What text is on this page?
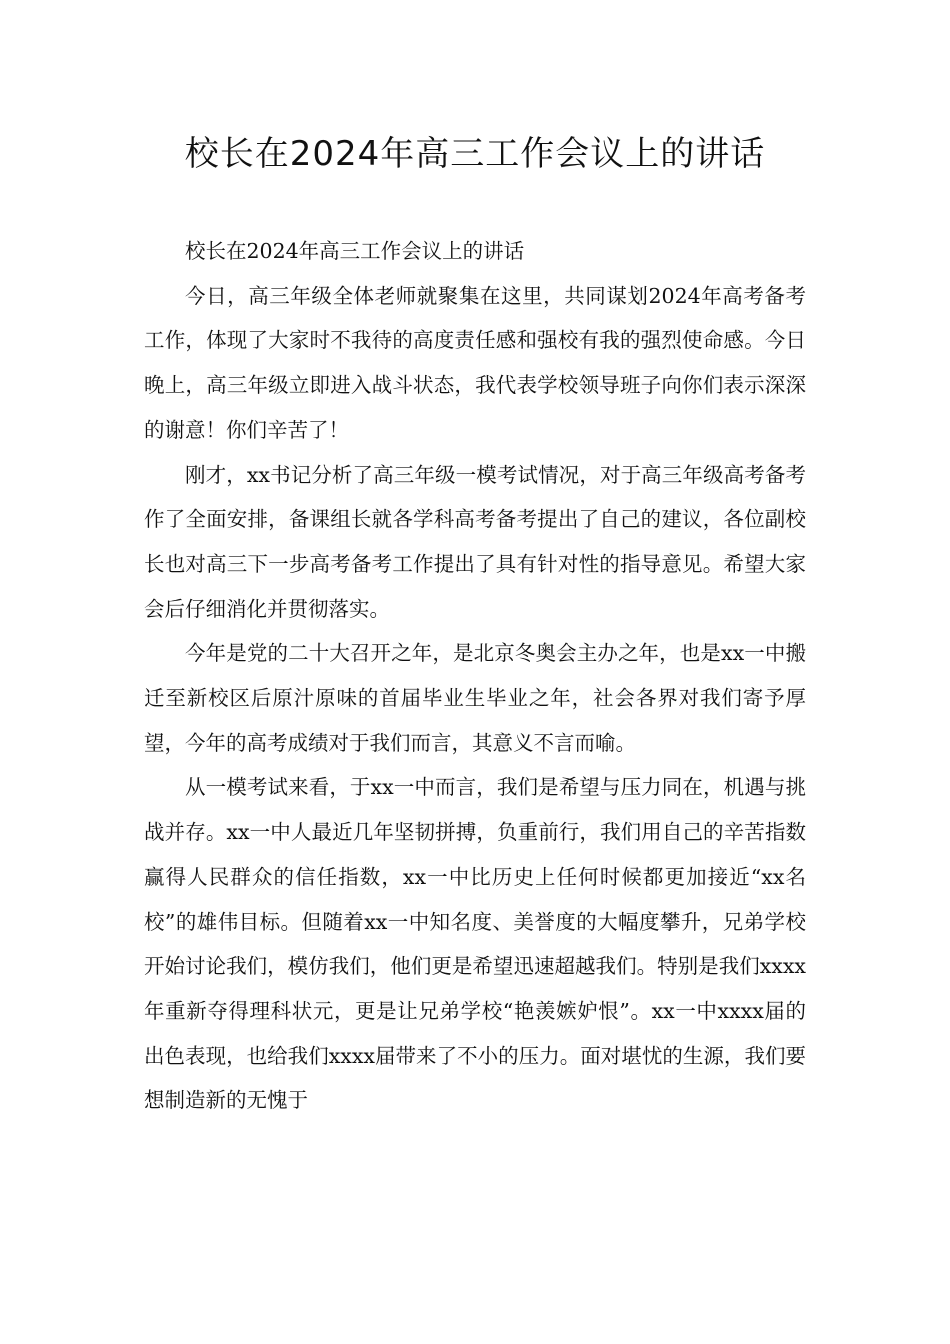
校长在2024年高三工作会议上的讲话

校长在2024年高三工作会议上的讲话

今日，高三年级全体老师就聚集在这里，共同谋划2024年高考备考工作，体现了大家时不我待的高度责任感和强校有我的强烈使命感。今日晚上，高三年级立即进入战斗状态，我代表学校领导班子向你们表示深深的谢意！你们辛苦了！

刚才，xx书记分析了高三年级一模考试情况，对于高三年级高考备考作了全面安排，备课组长就各学科高考备考提出了自己的建议，各位副校长也对高三下一步高考备考工作提出了具有针对性的指导意见。希望大家会后仔细消化并贯彻落实。

今年是党的二十大召开之年，是北京冬奥会主办之年，也是xx一中搬迁至新校区后原汁原味的首届毕业生毕业之年，社会各界对我们寄予厚望，今年的高考成绩对于我们而言，其意义不言而喻。

从一模考试来看，于xx一中而言，我们是希望与压力同在，机遇与挑战并存。xx一中人最近几年坚韧拼搏，负重前行，我们用自己的辛苦指数赢得人民群众的信任指数，xx一中比历史上任何时候都更加接近“xx名校”的雄伟目标。但随着xx一中知名度、美誉度的大幅度攀升，兄弟学校开始讨论我们，模仿我们，他们更是希望迅速超越我们。特别是我们xxxx年重新夺得理科状元，更是让兄弟学校“艳羡嫉妒恨”。xx一中xxxx届的出色表现，也给我们xxxx届带来了不小的压力。面对堪忧的生源，我们要想制造新的无愧于
